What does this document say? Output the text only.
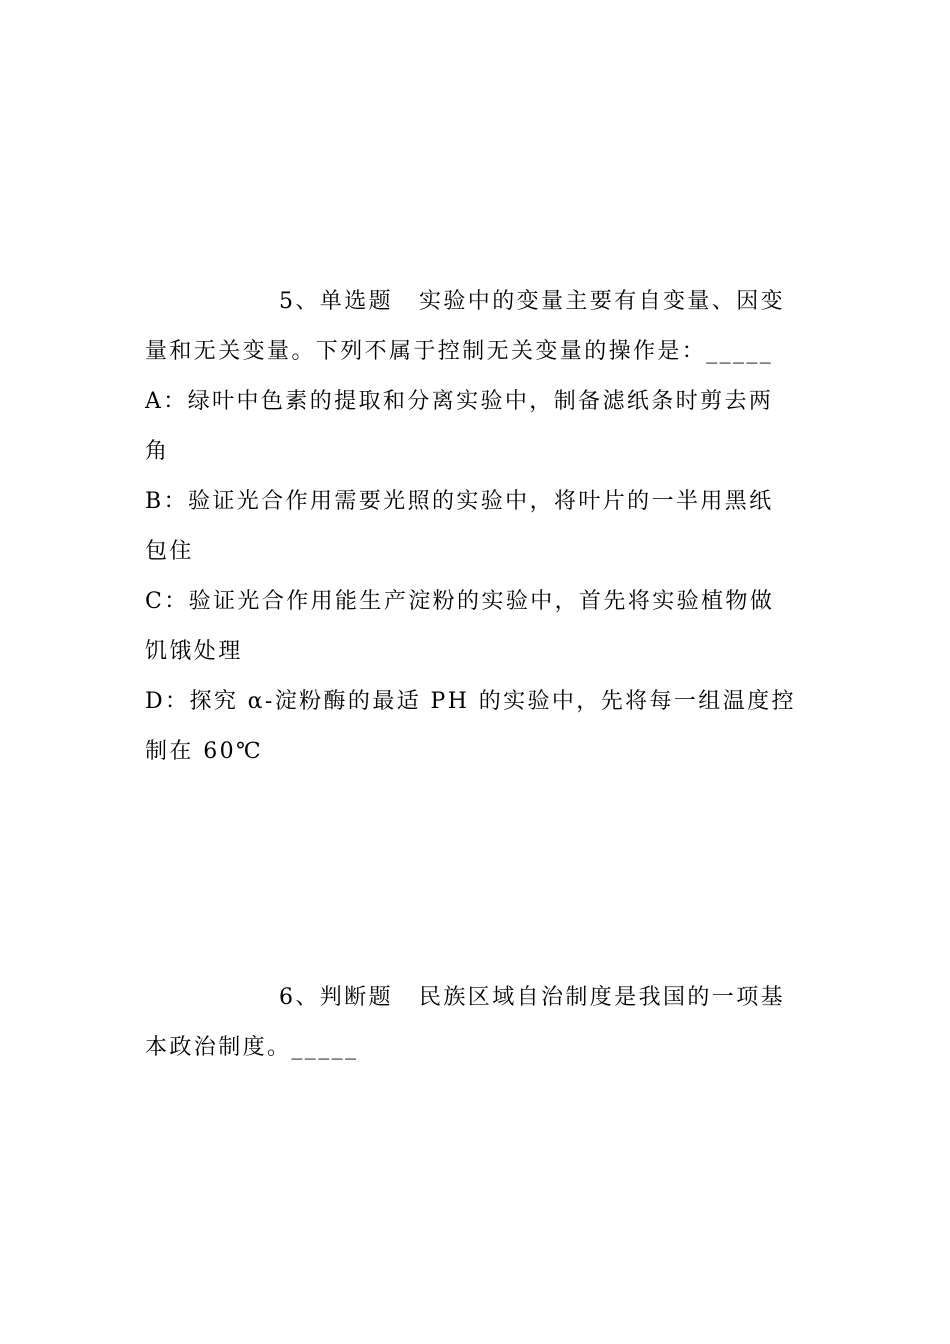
5、单选题 实验中的变量主要有自变量、因变
量和无关变量。下列不属于控制无关变量的操作是：_____
A：绿叶中色素的提取和分离实验中，制备滤纸条时剪去两
角
B：验证光合作用需要光照的实验中，将叶片的一半用黑纸
包住
C：验证光合作用能生产淀粉的实验中，首先将实验植物做
饥饿处理
D：探究 α-淀粉酶的最适 PH 的实验中，先将每一组温度控
制在 60℃
6、判断题 民族区域自治制度是我国的一项基
本政治制度。_____
